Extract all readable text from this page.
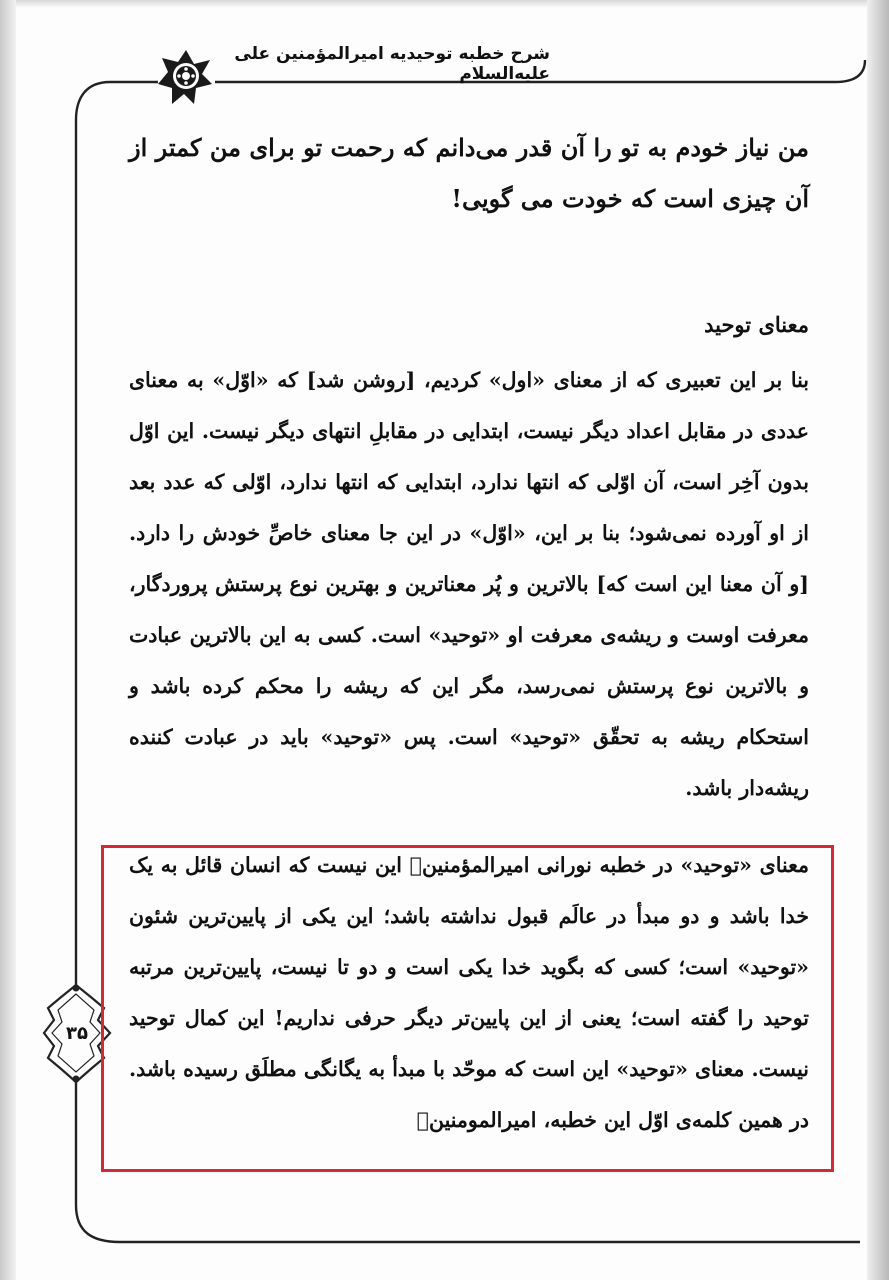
شرح خطبه توحیدیه امیرالمؤمنین علی علیه‌السلام
۳۵

من نیاز خودم به تو را آن قدر می‌دانم که رحمت تو برای من کمتر از آن چیزی است که خودت می گویی!

معنای توحید

بنا بر این تعبیری که از معنای «اول» کردیم، [روشن شد] که «اوّل» به معنای عددی در مقابل اعداد دیگر نیست، ابتدایی در مقابلِ انتهای دیگر نیست. این اوّل بدون آخِر است، آن اوّلی که انتها ندارد، ابتدایی که انتها ندارد، اوّلی که عدد بعد از او آورده نمی‌شود؛ بنا بر این، «اوّل» در این جا معنای خاصِّ خودش را دارد. [و آن معنا این است که] بالاترین و پُر معناترین و بهترین نوع پرستش پروردگار، معرفت اوست و ریشه‌ی معرفت او «توحید» است. کسی به این بالاترین عبادت و بالاترین نوع پرستش نمی‌رسد، مگر این که ریشه را محکم کرده باشد و استحکام ریشه به تحقّق «توحید» است. پس «توحید» باید در عبادت کننده ریشه‌دار باشد.

معنای «توحید» در خطبه نورانی امیرالمؤمنین﷣ این نیست که انسان قائل به یک خدا باشد و دو مبدأ در عالَم قبول نداشته باشد؛ این یکی از پایین‌ترین شئون «توحید» است؛ کسی که بگوید خدا یکی است و دو تا نیست، پایین‌ترین مرتبه توحید را گفته است؛ یعنی از این پایین‌تر دیگر حرفی نداریم! این کمال توحید نیست. معنای «توحید» این است که موحّد با مبدأ به یگانگی مطلَق رسیده باشد. در همین کلمه‌ی اوّل این خطبه، امیرالمومنین﷣
